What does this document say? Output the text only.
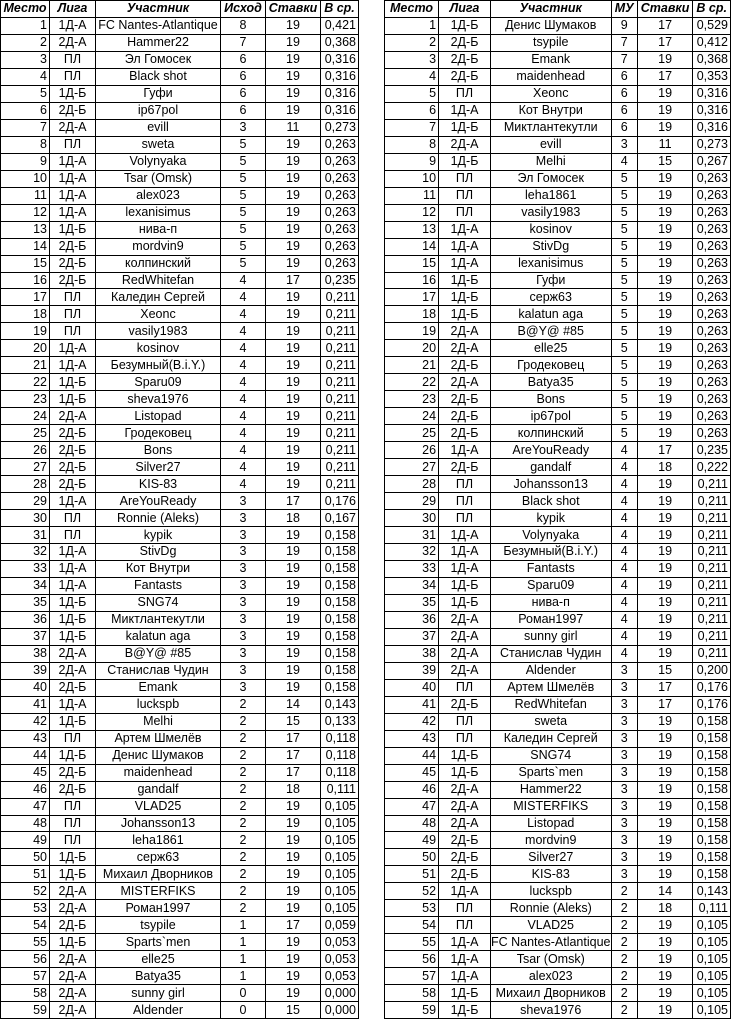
Место	Лига	Участник	Исход	Ставки	В ср.
1	1Д-А	FC Nantes-Atlantique	8	19	0,421
2	2Д-А	Hammer22	7	19	0,368
3	ПЛ	Эл Гомосек	6	19	0,316
4	ПЛ	Black shot	6	19	0,316
5	1Д-Б	Гуфи	6	19	0,316
6	2Д-Б	ip67pol	6	19	0,316
7	2Д-А	evill	3	11	0,273
8	ПЛ	sweta	5	19	0,263
9	1Д-А	Volynyaka	5	19	0,263
10	1Д-А	Tsar (Omsk)	5	19	0,263
11	1Д-А	alex023	5	19	0,263
12	1Д-А	lexanisimus	5	19	0,263
13	1Д-Б	нива-п	5	19	0,263
14	2Д-Б	mordvin9	5	19	0,263
15	2Д-Б	колпинский	5	19	0,263
16	2Д-Б	RedWhitefan	4	17	0,235
17	ПЛ	Каледин Сергей	4	19	0,211
18	ПЛ	Xeonc	4	19	0,211
19	ПЛ	vasily1983	4	19	0,211
20	1Д-А	kosinov	4	19	0,211
21	1Д-А	Безумный(B.i.Y.)	4	19	0,211
22	1Д-Б	Sparu09	4	19	0,211
23	1Д-Б	sheva1976	4	19	0,211
24	2Д-А	Listopad	4	19	0,211
25	2Д-Б	Гродековец	4	19	0,211
26	2Д-Б	Bons	4	19	0,211
27	2Д-Б	Silver27	4	19	0,211
28	2Д-Б	KIS-83	4	19	0,211
29	1Д-А	AreYouReady	3	17	0,176
30	ПЛ	Ronnie (Aleks)	3	18	0,167
31	ПЛ	kypik	3	19	0,158
32	1Д-А	StivDg	3	19	0,158
33	1Д-А	Кот Внутри	3	19	0,158
34	1Д-А	Fantasts	3	19	0,158
35	1Д-Б	SNG74	3	19	0,158
36	1Д-Б	Миктлантекутли	3	19	0,158
37	1Д-Б	kalatun aga	3	19	0,158
38	2Д-А	B@Y@ #85	3	19	0,158
39	2Д-А	Станислав Чудин	3	19	0,158
40	2Д-Б	Emank	3	19	0,158
41	1Д-А	luckspb	2	14	0,143
42	1Д-Б	Melhi	2	15	0,133
43	ПЛ	Артем Шмелёв	2	17	0,118
44	1Д-Б	Денис Шумаков	2	17	0,118
45	2Д-Б	maidenhead	2	17	0,118
46	2Д-Б	gandalf	2	18	0,111
47	ПЛ	VLAD25	2	19	0,105
48	ПЛ	Johansson13	2	19	0,105
49	ПЛ	leha1861	2	19	0,105
50	1Д-Б	серж63	2	19	0,105
51	1Д-Б	Михаил Дворников	2	19	0,105
52	2Д-А	MISTERFIKS	2	19	0,105
53	2Д-А	Роман1997	2	19	0,105
54	2Д-Б	tsypile	1	17	0,059
55	1Д-Б	Sparts`men	1	19	0,053
56	2Д-А	elle25	1	19	0,053
57	2Д-А	Batya35	1	19	0,053
58	2Д-А	sunny girl	0	19	0,000
59	2Д-А	Aldender	0	15	0,000
Место	Лига	Участник	МУ	Ставки	В ср.
1	1Д-Б	Денис Шумаков	9	17	0,529
2	2Д-Б	tsypile	7	17	0,412
3	2Д-Б	Emank	7	19	0,368
4	2Д-Б	maidenhead	6	17	0,353
5	ПЛ	Xeonc	6	19	0,316
6	1Д-А	Кот Внутри	6	19	0,316
7	1Д-Б	Миктлантекутли	6	19	0,316
8	2Д-А	evill	3	11	0,273
9	1Д-Б	Melhi	4	15	0,267
10	ПЛ	Эл Гомосек	5	19	0,263
11	ПЛ	leha1861	5	19	0,263
12	ПЛ	vasily1983	5	19	0,263
13	1Д-А	kosinov	5	19	0,263
14	1Д-А	StivDg	5	19	0,263
15	1Д-А	lexanisimus	5	19	0,263
16	1Д-Б	Гуфи	5	19	0,263
17	1Д-Б	серж63	5	19	0,263
18	1Д-Б	kalatun aga	5	19	0,263
19	2Д-А	B@Y@ #85	5	19	0,263
20	2Д-А	elle25	5	19	0,263
21	2Д-Б	Гродековец	5	19	0,263
22	2Д-А	Batya35	5	19	0,263
23	2Д-Б	Bons	5	19	0,263
24	2Д-Б	ip67pol	5	19	0,263
25	2Д-Б	колпинский	5	19	0,263
26	1Д-А	AreYouReady	4	17	0,235
27	2Д-Б	gandalf	4	18	0,222
28	ПЛ	Johansson13	4	19	0,211
29	ПЛ	Black shot	4	19	0,211
30	ПЛ	kypik	4	19	0,211
31	1Д-А	Volynyaka	4	19	0,211
32	1Д-А	Безумный(B.i.Y.)	4	19	0,211
33	1Д-А	Fantasts	4	19	0,211
34	1Д-Б	Sparu09	4	19	0,211
35	1Д-Б	нива-п	4	19	0,211
36	2Д-А	Роман1997	4	19	0,211
37	2Д-А	sunny girl	4	19	0,211
38	2Д-А	Станислав Чудин	4	19	0,211
39	2Д-А	Aldender	3	15	0,200
40	ПЛ	Артем Шмелёв	3	17	0,176
41	2Д-Б	RedWhitefan	3	17	0,176
42	ПЛ	sweta	3	19	0,158
43	ПЛ	Каледин Сергей	3	19	0,158
44	1Д-Б	SNG74	3	19	0,158
45	1Д-Б	Sparts`men	3	19	0,158
46	2Д-А	Hammer22	3	19	0,158
47	2Д-А	MISTERFIKS	3	19	0,158
48	2Д-А	Listopad	3	19	0,158
49	2Д-Б	mordvin9	3	19	0,158
50	2Д-Б	Silver27	3	19	0,158
51	2Д-Б	KIS-83	3	19	0,158
52	1Д-А	luckspb	2	14	0,143
53	ПЛ	Ronnie (Aleks)	2	18	0,111
54	ПЛ	VLAD25	2	19	0,105
55	1Д-А	FC Nantes-Atlantique	2	19	0,105
56	1Д-А	Tsar (Omsk)	2	19	0,105
57	1Д-А	alex023	2	19	0,105
58	1Д-Б	Михаил Дворников	2	19	0,105
59	1Д-Б	sheva1976	2	19	0,105
